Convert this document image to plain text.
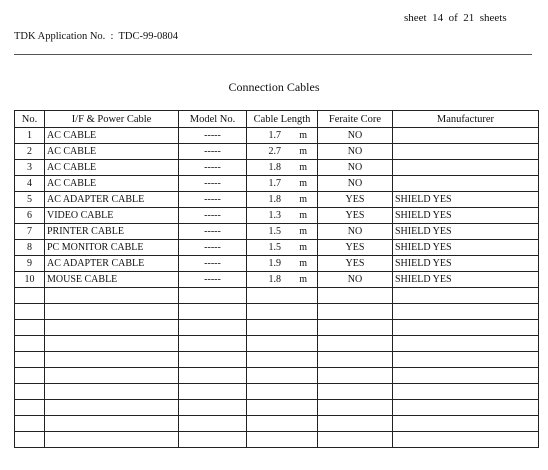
sheet  14  of  21  sheets
TDK Application No.  :  TDC-99-0804
Connection Cables
No.	I/F & Power Cable	Model No.	Cable Length	Feraite Core	Manufacturer
1	AC CABLE	-----	1.7 m	NO	
2	AC CABLE	-----	2.7 m	NO	
3	AC CABLE	-----	1.8 m	NO	
4	AC CABLE	-----	1.7 m	NO	
5	AC ADAPTER CABLE	-----	1.8 m	YES	SHIELD YES
6	VIDEO CABLE	-----	1.3 m	YES	SHIELD YES
7	PRINTER CABLE	-----	1.5 m	NO	SHIELD YES
8	PC MONITOR CABLE	-----	1.5 m	YES	SHIELD YES
9	AC ADAPTER CABLE	-----	1.9 m	YES	SHIELD YES
10	MOUSE CABLE	-----	1.8 m	NO	SHIELD YES
